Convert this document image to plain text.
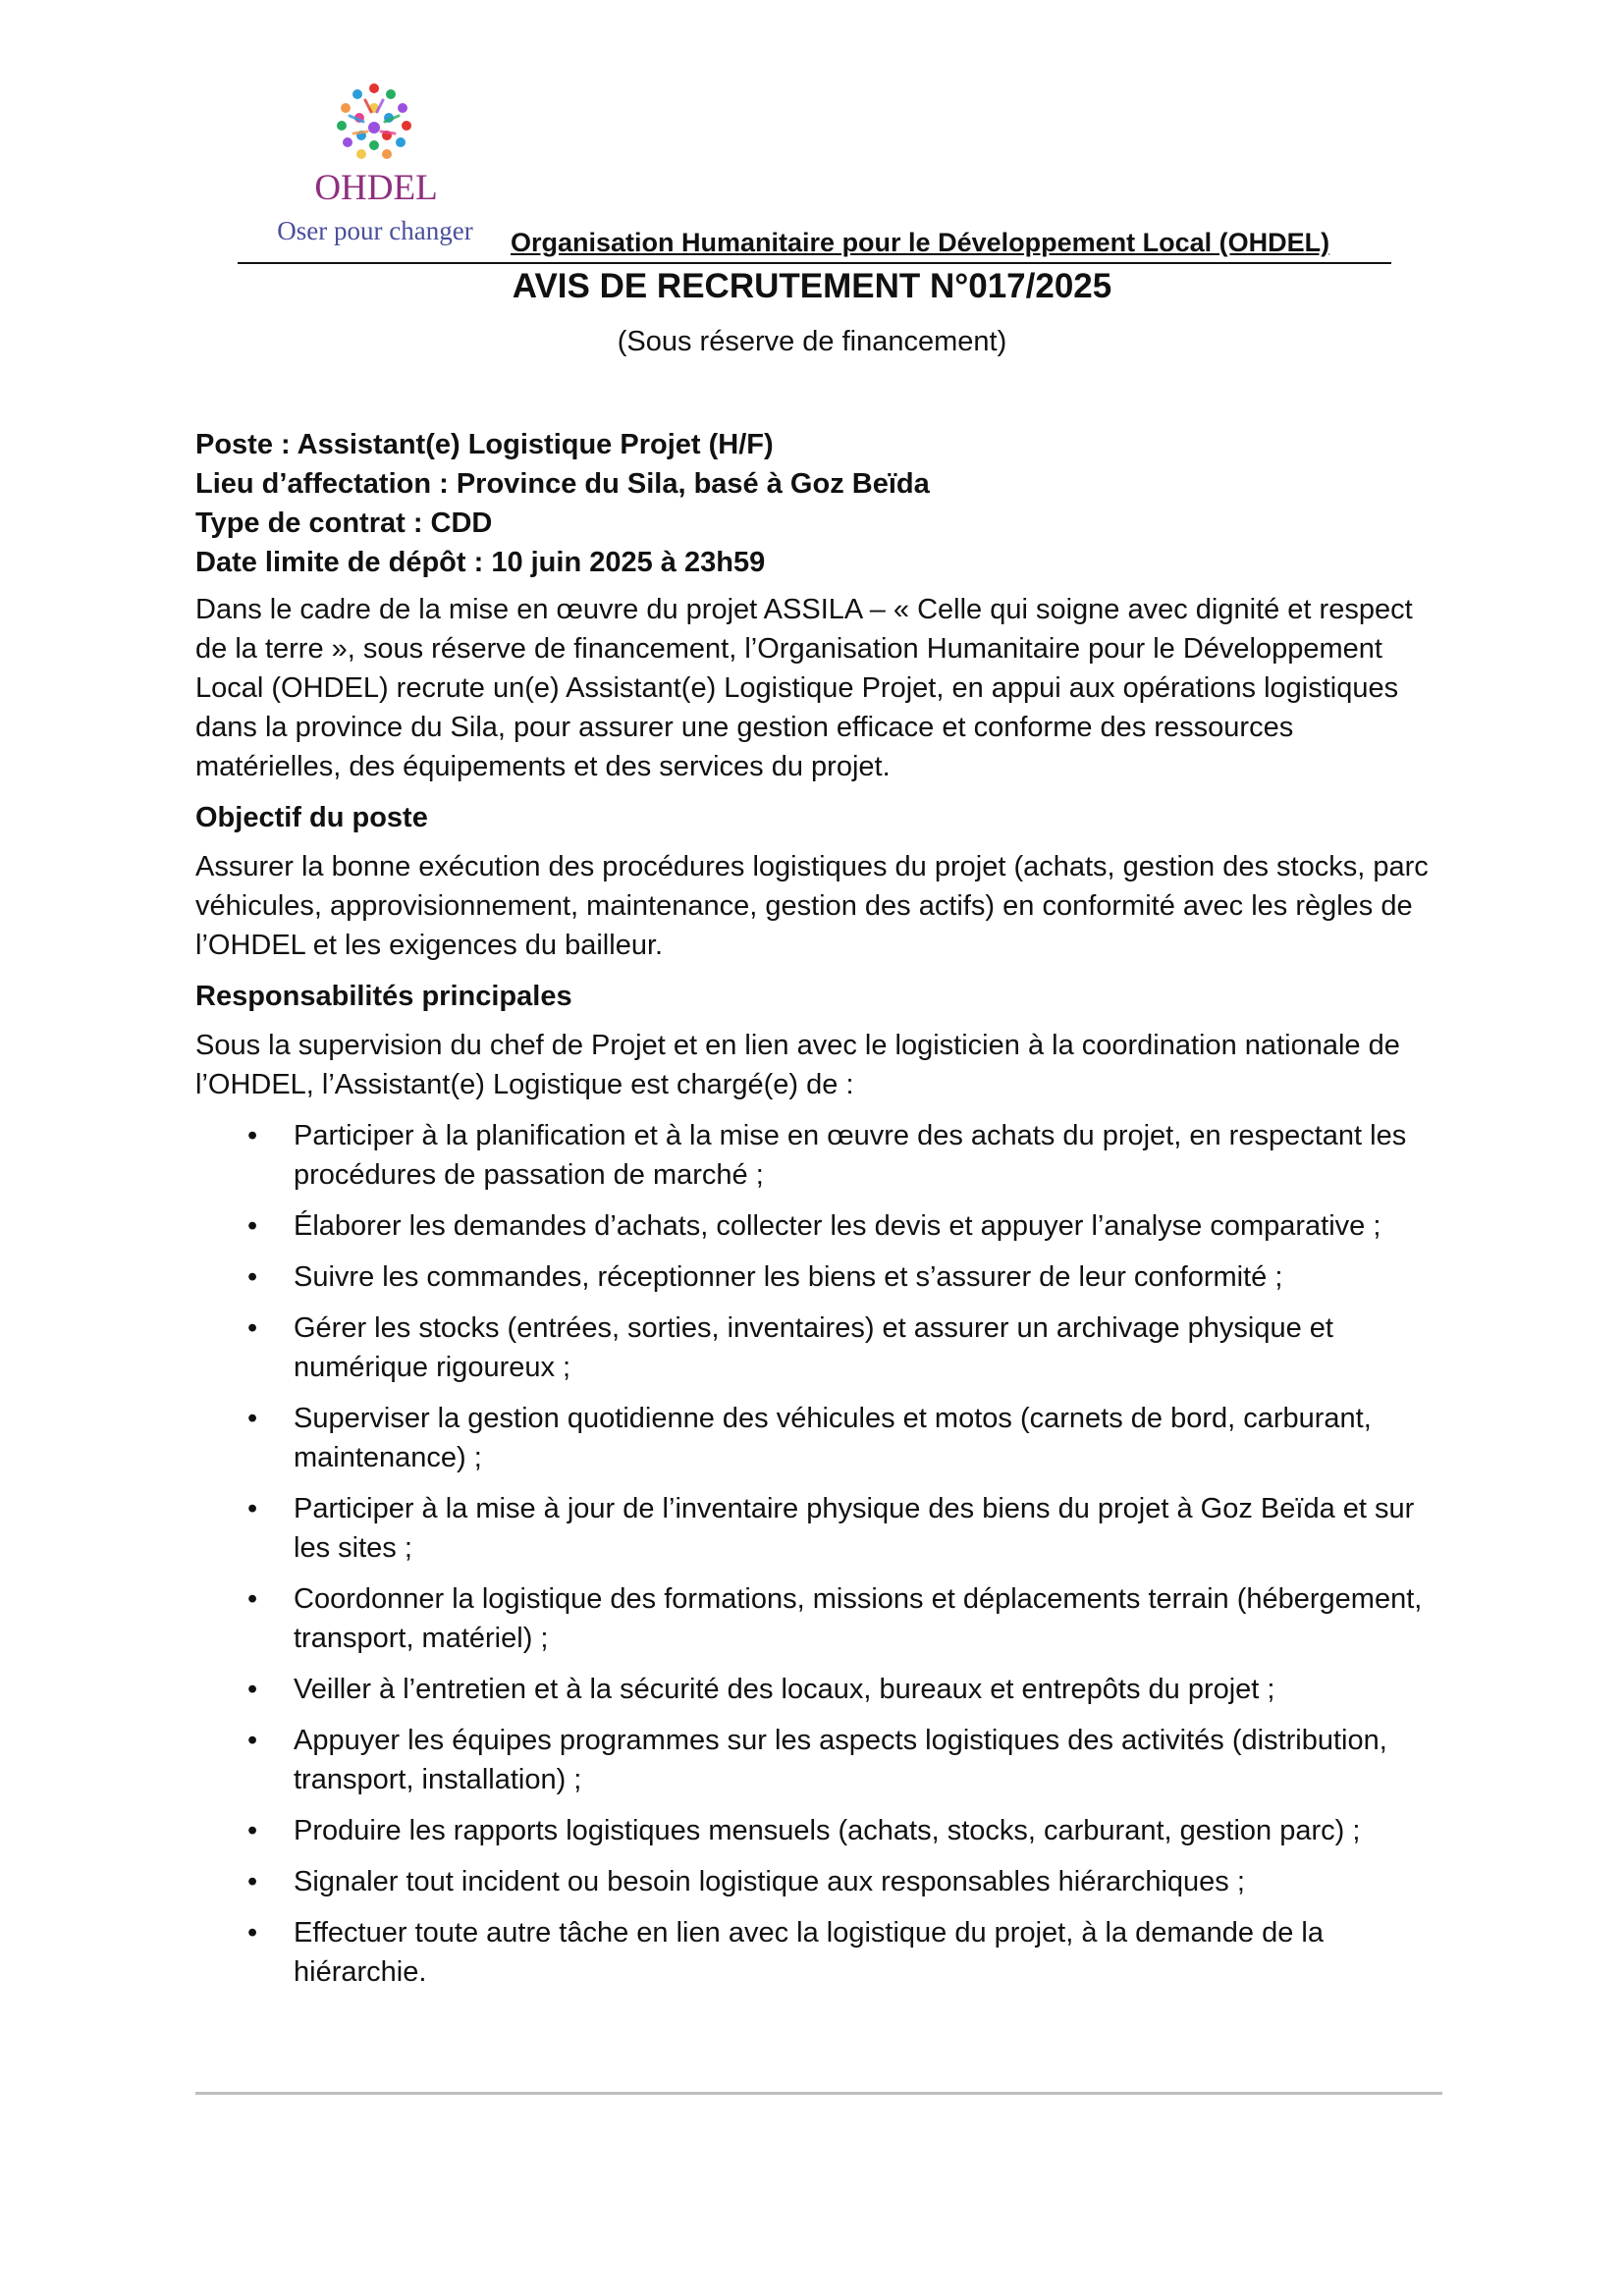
OHDEL
Oser pour changer	Organisation Humanitaire pour le Développement Local (OHDEL)
AVIS DE RECRUTEMENT N°017/2025
(Sous réserve de financement)

Poste : Assistant(e) Logistique Projet (H/F)

Lieu d’affectation : Province du Sila, basé à Goz Beïda

Type de contrat : CDD

Date limite de dépôt : 10 juin 2025 à 23h59

Dans le cadre de la mise en œuvre du projet ASSILA – « Celle qui soigne avec dignité et respect de la terre », sous réserve de financement, l’Organisation Humanitaire pour le Développement Local (OHDEL) recrute un(e) Assistant(e) Logistique Projet, en appui aux opérations logistiques dans la province du Sila, pour assurer une gestion efficace et conforme des ressources matérielles, des équipements et des services du projet.

Objectif du poste

Assurer la bonne exécution des procédures logistiques du projet (achats, gestion des stocks, parc véhicules, approvisionnement, maintenance, gestion des actifs) en conformité avec les règles de l’OHDEL et les exigences du bailleur.

Responsabilités principales

Sous la supervision du chef de Projet et en lien avec le logisticien à la coordination nationale de l’OHDEL, l’Assistant(e) Logistique est chargé(e) de :

• Participer à la planification et à la mise en œuvre des achats du projet, en respectant les procédures de passation de marché ;
• Élaborer les demandes d’achats, collecter les devis et appuyer l’analyse comparative ;
• Suivre les commandes, réceptionner les biens et s’assurer de leur conformité ;
• Gérer les stocks (entrées, sorties, inventaires) et assurer un archivage physique et numérique rigoureux ;
• Superviser la gestion quotidienne des véhicules et motos (carnets de bord, carburant, maintenance) ;
• Participer à la mise à jour de l’inventaire physique des biens du projet à Goz Beïda et sur les sites ;
• Coordonner la logistique des formations, missions et déplacements terrain (hébergement, transport, matériel) ;
• Veiller à l’entretien et à la sécurité des locaux, bureaux et entrepôts du projet ;
• Appuyer les équipes programmes sur les aspects logistiques des activités (distribution, transport, installation) ;
• Produire les rapports logistiques mensuels (achats, stocks, carburant, gestion parc) ;
• Signaler tout incident ou besoin logistique aux responsables hiérarchiques ;
• Effectuer toute autre tâche en lien avec la logistique du projet, à la demande de la hiérarchie.
